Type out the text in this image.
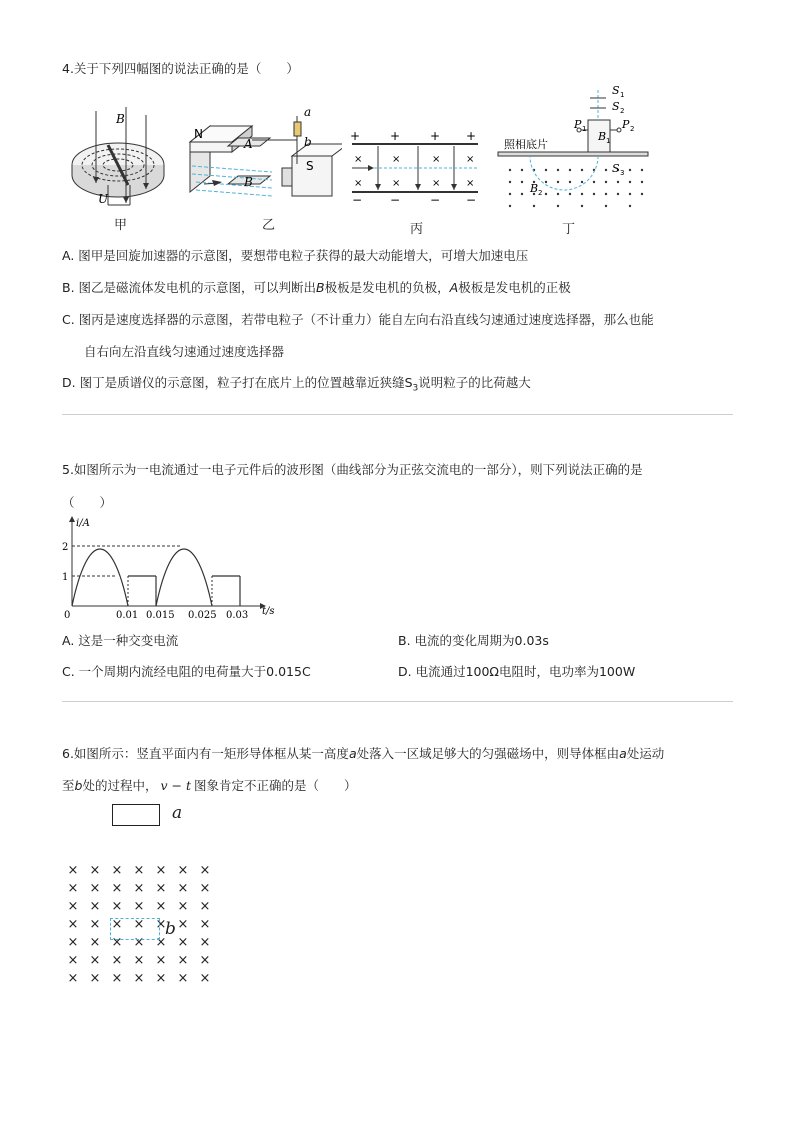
4.关于下列四幅图的说法正确的是（　　）
B
U
甲
N
S
A
B
a
b
乙
+ + + +
− − − −
×	×	×	×
×	×	×	×
丙
照相底片
S 1
S 2
S 3
P 1	P 2
B 1
B 2
丁
A. 图甲是回旋加速器的示意图，要想带电粒子获得的最大动能增大，可增大加速电压
B. 图乙是磁流体发电机的示意图，可以判断出B极板是发电机的负极，A极板是发电机的正极
C. 图丙是速度选择器的示意图，若带电粒子（不计重力）能自左向右沿直线匀速通过速度选择器，那么也能
自右向左沿直线匀速通过速度选择器
D. 图丁是质谱仪的示意图，粒子打在底片上的位置越靠近狭缝$S_3$说明粒子的比荷越大
5.如图所示为一电流通过一电子元件后的波形图（曲线部分为正弦交流电的一部分），则下列说法正确的是
（　　）
i/A
t/s
0
2
1
0.01 0.015 0.025 0.03
A. 这是一种交变电流	B. 电流的变化周期为0.03s
C. 一个周期内流经电阻的电荷量大于0.015C	D. 电流通过100Ω电阻时，电功率为100W
6.如图所示：竖直平面内有一矩形导体框从某一高度a处落入一区域足够大的匀强磁场中，则导体框由a处运动
至b处的过程中， v − t 图象肯定不正确的是（　　）
a
× × × × × × ×
× × × × × × ×
× × × × × × ×
× × × × × × ×
× × × × × × ×
× × × × × × ×
× × × × × × ×
b
